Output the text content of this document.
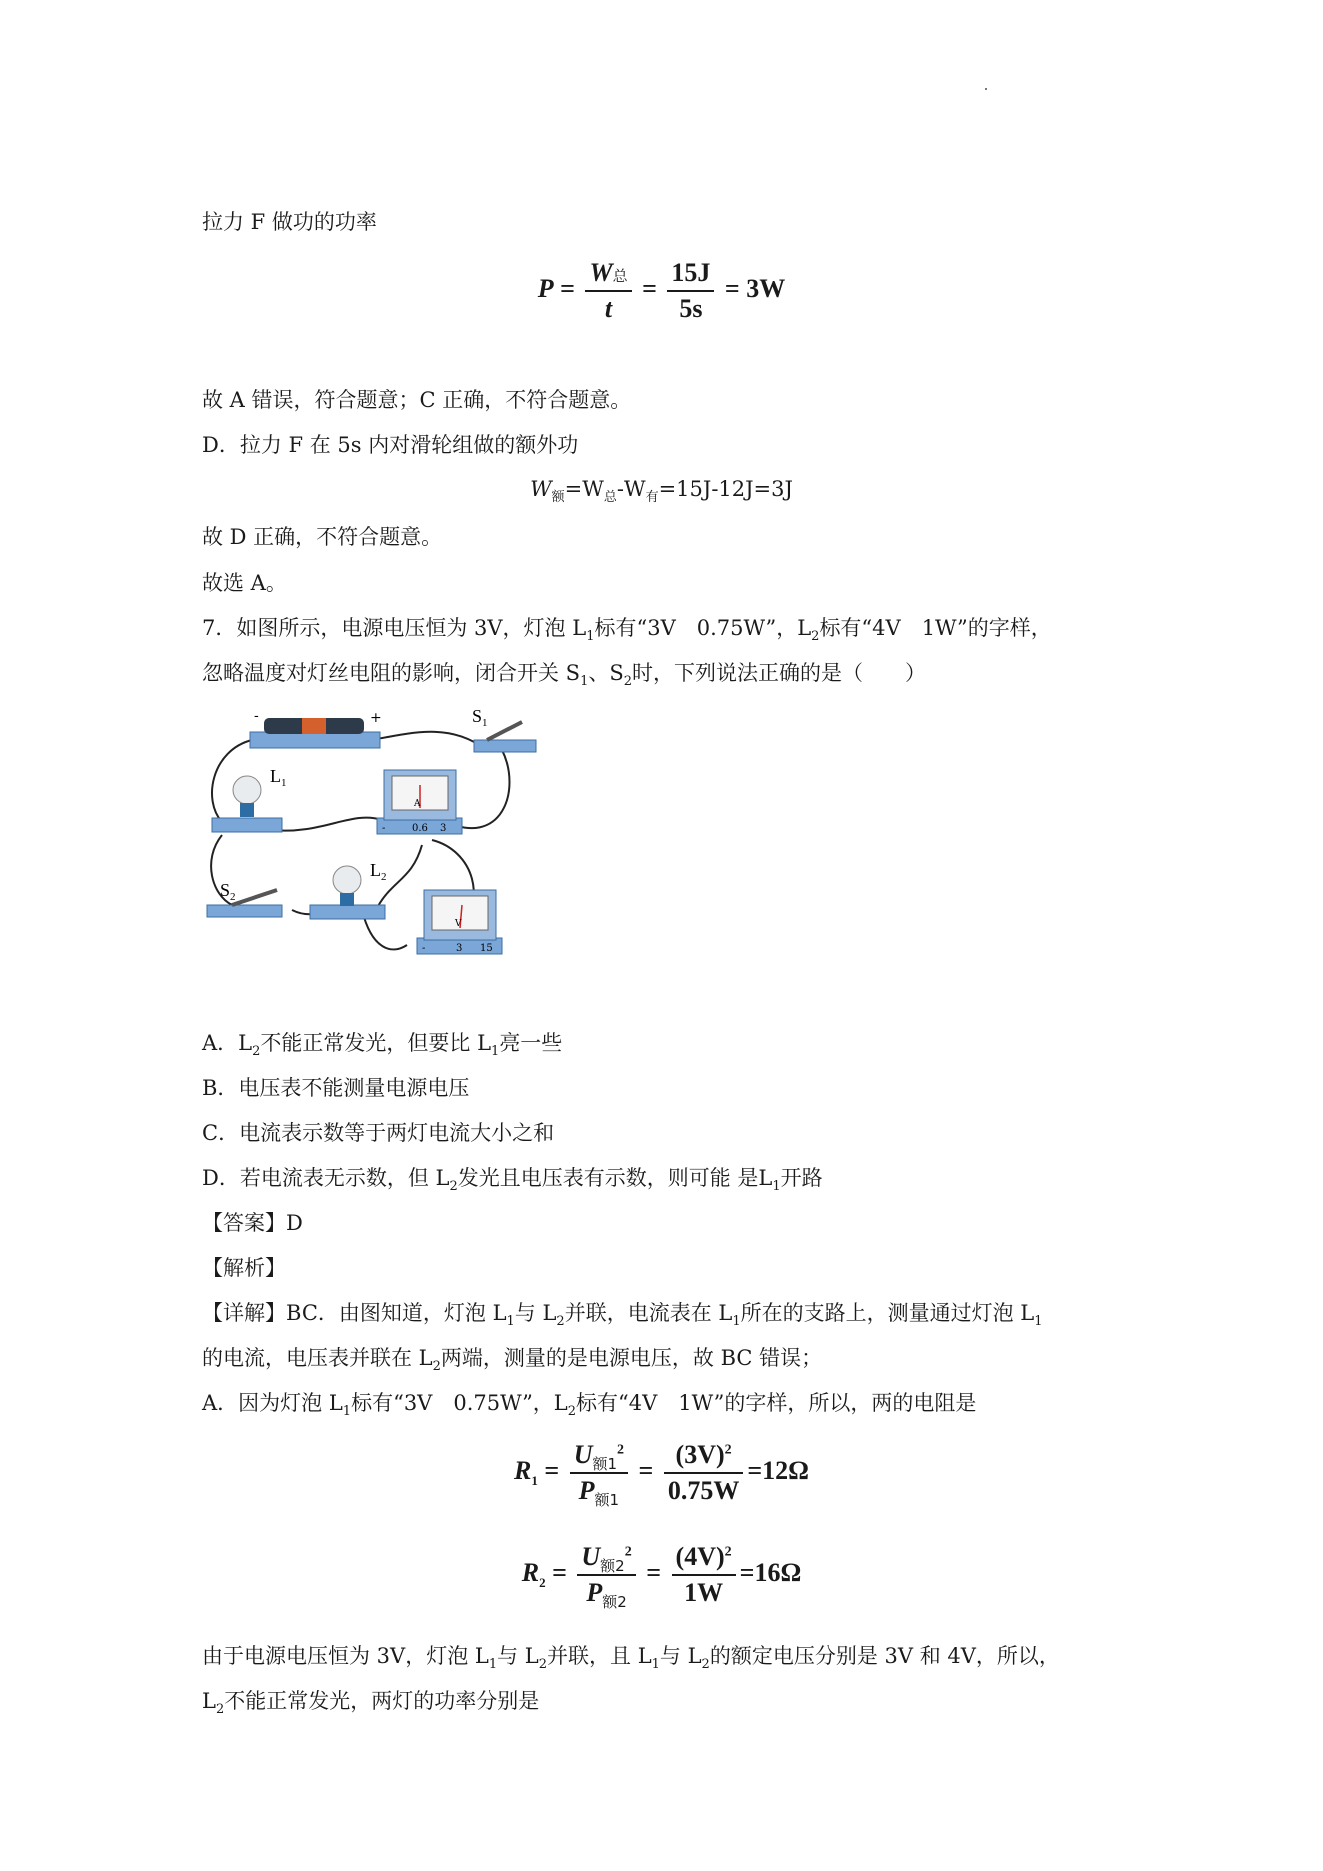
拉力 F 做功的功率
$P = \frac{\text{W总}}{t} = \frac{15J}{5s} = 3W$
故 A 错误，符合题意；C 正确，不符合题意。
D．拉力 F 在 5s 内对滑轮组做的额外功
$W_额=W_总-W_有=15J-12J=3J$
故 D 正确，不符合题意。
故选 A。
7．如图所示，电源电压恒为 3V，灯泡 $L_1$标有“3V　0.75W”，$L_2$标有“4V　1W”的字样，
忽略温度对灯丝电阻的影响，闭合开关 $S_1$、$S_2$时，下列说法正确的是（　　）
-	+	$S_1$
$L_1$
A
-	0.6 3
$S_2$
$L_2$
V
-	3 15
A．$L_2$不能正常发光，但要比 $L_1$亮一些
B．电压表不能测量电源电压
C．电流表示数等于两灯电流大小之和
D．若电流表无示数，但 $L_2$发光且电压表有示数，则可能 是$L_1$开路
【答案】D
【解析】
【详解】BC．由图知道，灯泡 $L_1$与 $L_2$并联，电流表在 $L_1$所在的支路上，测量通过灯泡 $L_1$
的电流，电压表并联在 $L_2$两端，测量的是电源电压，故 BC 错误；
A．因为灯泡 $L_1$标有“3V　0.75W”，$L_2$标有“4V　1W”的字样，所以，两的电阻是
$R_1 = \frac{U_{额1}^2}{P_{额1}} = \frac{(3V)^2}{0.75W} =12\Omega$
$R_2 = \frac{U_{额2}^2}{P_{额2}} = \frac{(4V)^2}{1W} =16\Omega$
由于电源电压恒为 3V，灯泡 $L_1$与 $L_2$并联，且 $L_1$与 $L_2$的额定电压分别是 3V 和 4V，所以，
$L_2$不能正常发光，两灯的功率分别是
